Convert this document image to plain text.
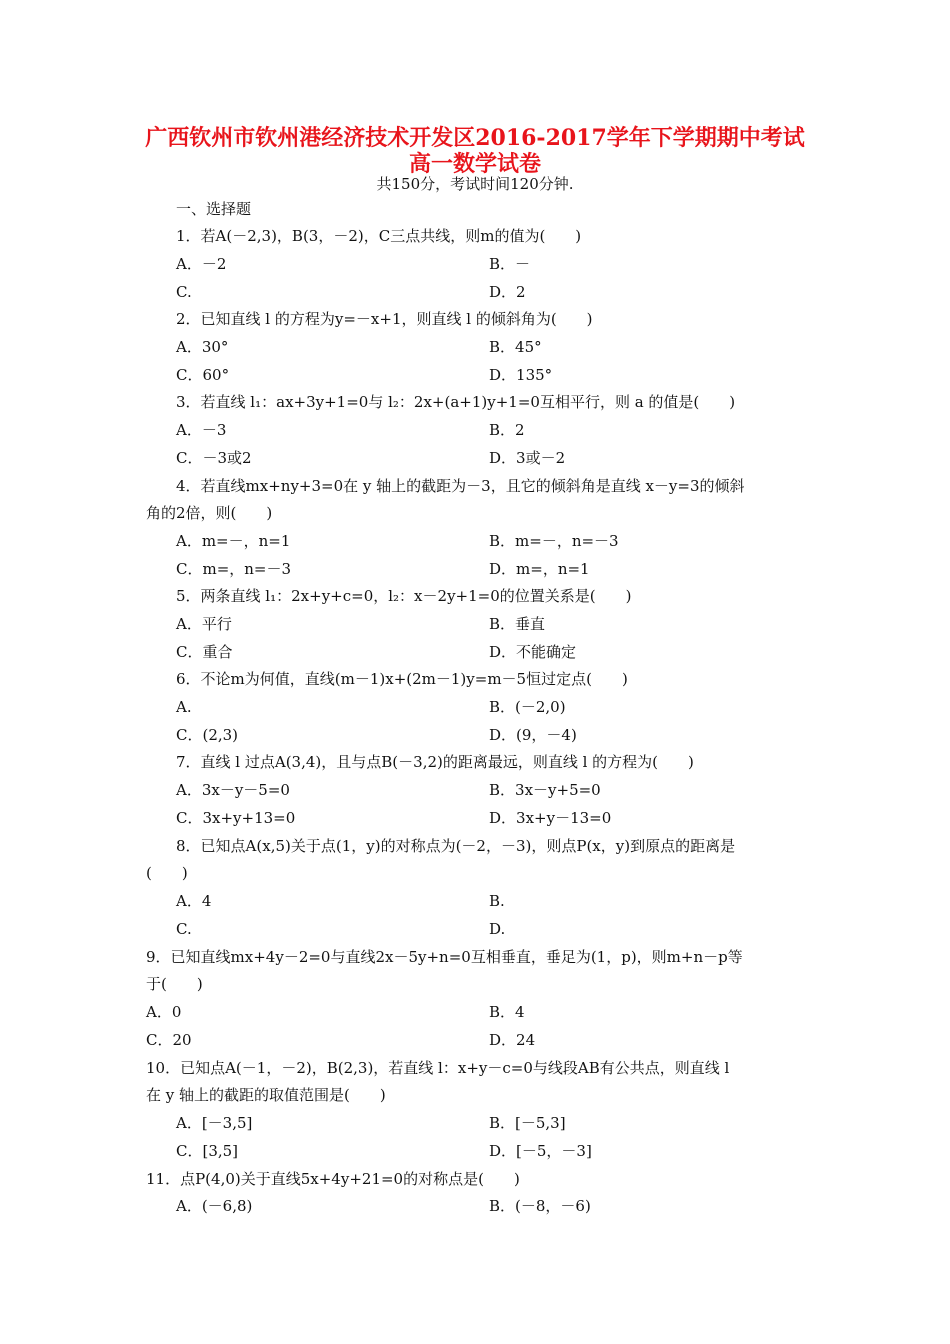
广西钦州市钦州港经济技术开发区2016-2017学年下学期期中考试
高一数学试卷
共150分，考试时间120分钟.
一、选择题
1．若A(－2,3)，B(3，－2)，C三点共线，则m的值为(　　)
A．－2	B．－
C.	D．2
2．已知直线 l 的方程为y=－x+1，则直线 l 的倾斜角为(　　)
A．30°	B．45°
C．60°	D．135°
3．若直线 l₁：ax+3y+1=0与 l₂：2x+(a+1)y+1=0互相平行，则 a 的值是(　　)
A．－3	B．2
C．－3或2	D．3或－2
4．若直线mx+ny+3=0在 y 轴上的截距为－3，且它的倾斜角是直线 x－y=3的倾斜
角的2倍，则(　　)
A．m=－，n=1	B．m=－，n=－3
C．m=，n=－3	D．m=，n=1
5．两条直线 l₁：2x+y+c=0，l₂：x－2y+1=0的位置关系是(　　)
A．平行	B．垂直
C．重合	D．不能确定
6．不论m为何值，直线(m－1)x+(2m－1)y=m－5恒过定点(　　)
A.	B．(－2,0)
C．(2,3)	D．(9，－4)
7．直线 l 过点A(3,4)，且与点B(－3,2)的距离最远，则直线 l 的方程为(　　)
A．3x－y－5=0	B．3x－y+5=0
C．3x+y+13=0	D．3x+y－13=0
8．已知点A(x,5)关于点(1，y)的对称点为(－2，－3)，则点P(x，y)到原点的距离是
(　　)
A．4	B.
C.	D.
9．已知直线mx+4y－2=0与直线2x－5y+n=0互相垂直，垂足为(1，p)，则m+n－p等
于(　　)
A．0	B．4
C．20	D．24
10．已知点A(－1，－2)，B(2,3)，若直线 l：x+y－c=0与线段AB有公共点，则直线 l
在 y 轴上的截距的取值范围是(　　)
A．[－3,5]	B．[－5,3]
C．[3,5]	D．[－5，－3]
11．点P(4,0)关于直线5x+4y+21=0的对称点是(　　)
A．(－6,8)	B．(－8，－6)
